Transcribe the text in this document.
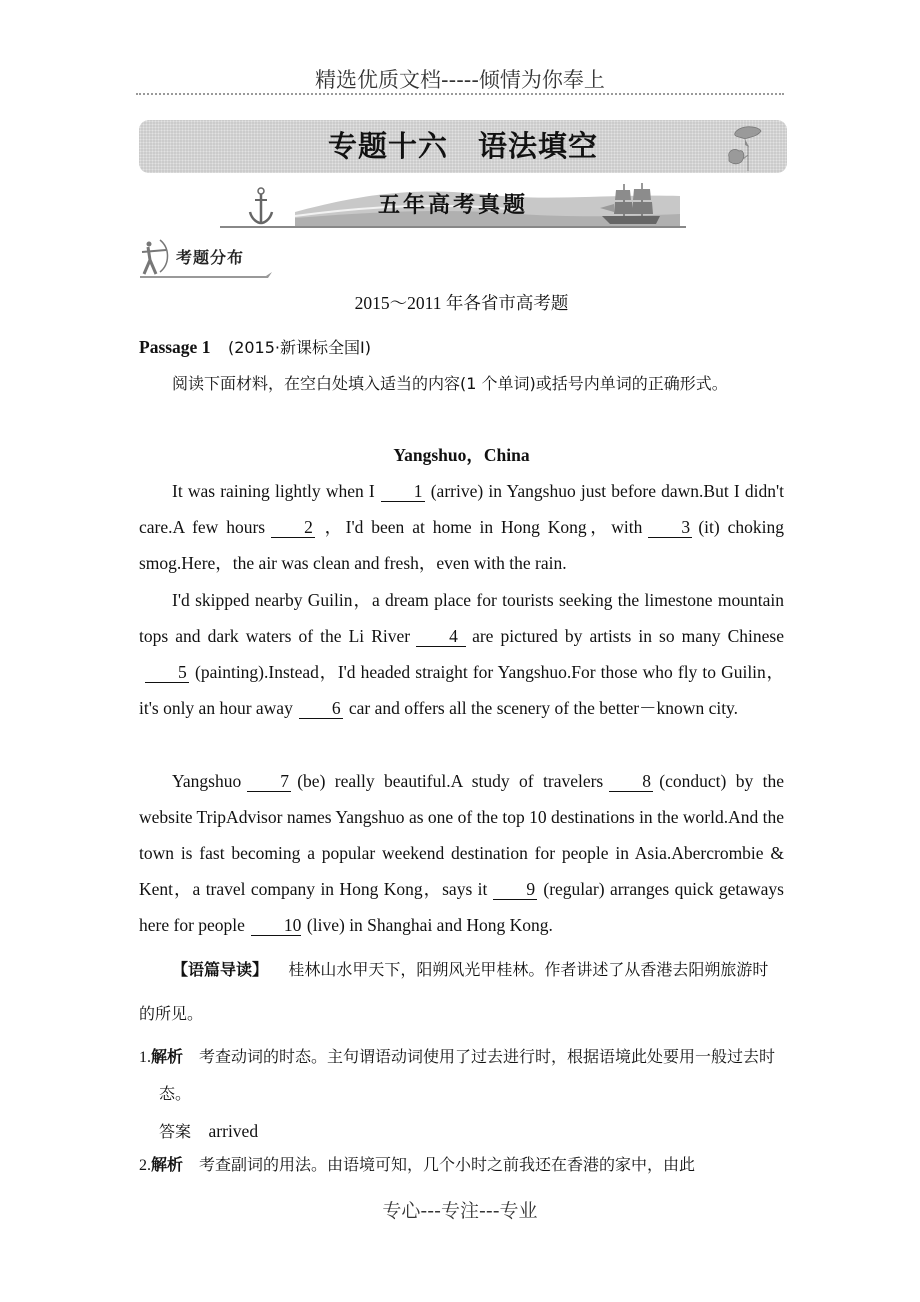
精选优质文档-----倾情为你奉上
专题十六　语法填空
五年高考真题
考题分布
2015～2011 年各省市高考题
Passage 1 (2015·新课标全国Ⅰ)
阅读下面材料，在空白处填入适当的内容(1 个单词)或括号内单词的正确形式。
Yangshuo，China
It was raining lightly when I 1 (arrive) in Yangshuo just before dawn.But I didn't care.A few hours 2 ，I'd been at home in Hong Kong，with 3 (it) choking smog.Here，the air was clean and fresh，even with the rain.
I'd skipped nearby Guilin，a dream place for tourists seeking the limestone mountain tops and dark waters of the Li River 4 are pictured by artists in so many Chinese5 (painting).Instead，I'd headed straight for Yangshuo.For those who fly to Guilin，it's only an hour away 6 car and offers all the scenery of the better－known city.
Yangshuo 7 (be) really beautiful.A study of travelers 8 (conduct) by the website TripAdvisor names Yangshuo as one of the top 10 destinations in the world.And the town is fast becoming a popular weekend destination for people in Asia.Abercrombie & Kent，a travel company in Hong Kong，says it 9 (regular) arranges quick getaways here for people 10 (live) in Shanghai and Hong Kong.
【语篇导读】 桂林山水甲天下，阳朔风光甲桂林。作者讲述了从香港去阳朔旅游时的所见。
1.解析 考查动词的时态。主句谓语动词使用了过去进行时，根据语境此处要用一般过去时态。
答案 arrived
2.解析 考查副词的用法。由语境可知，几个小时之前我还在香港的家中，由此
专心---专注---专业
